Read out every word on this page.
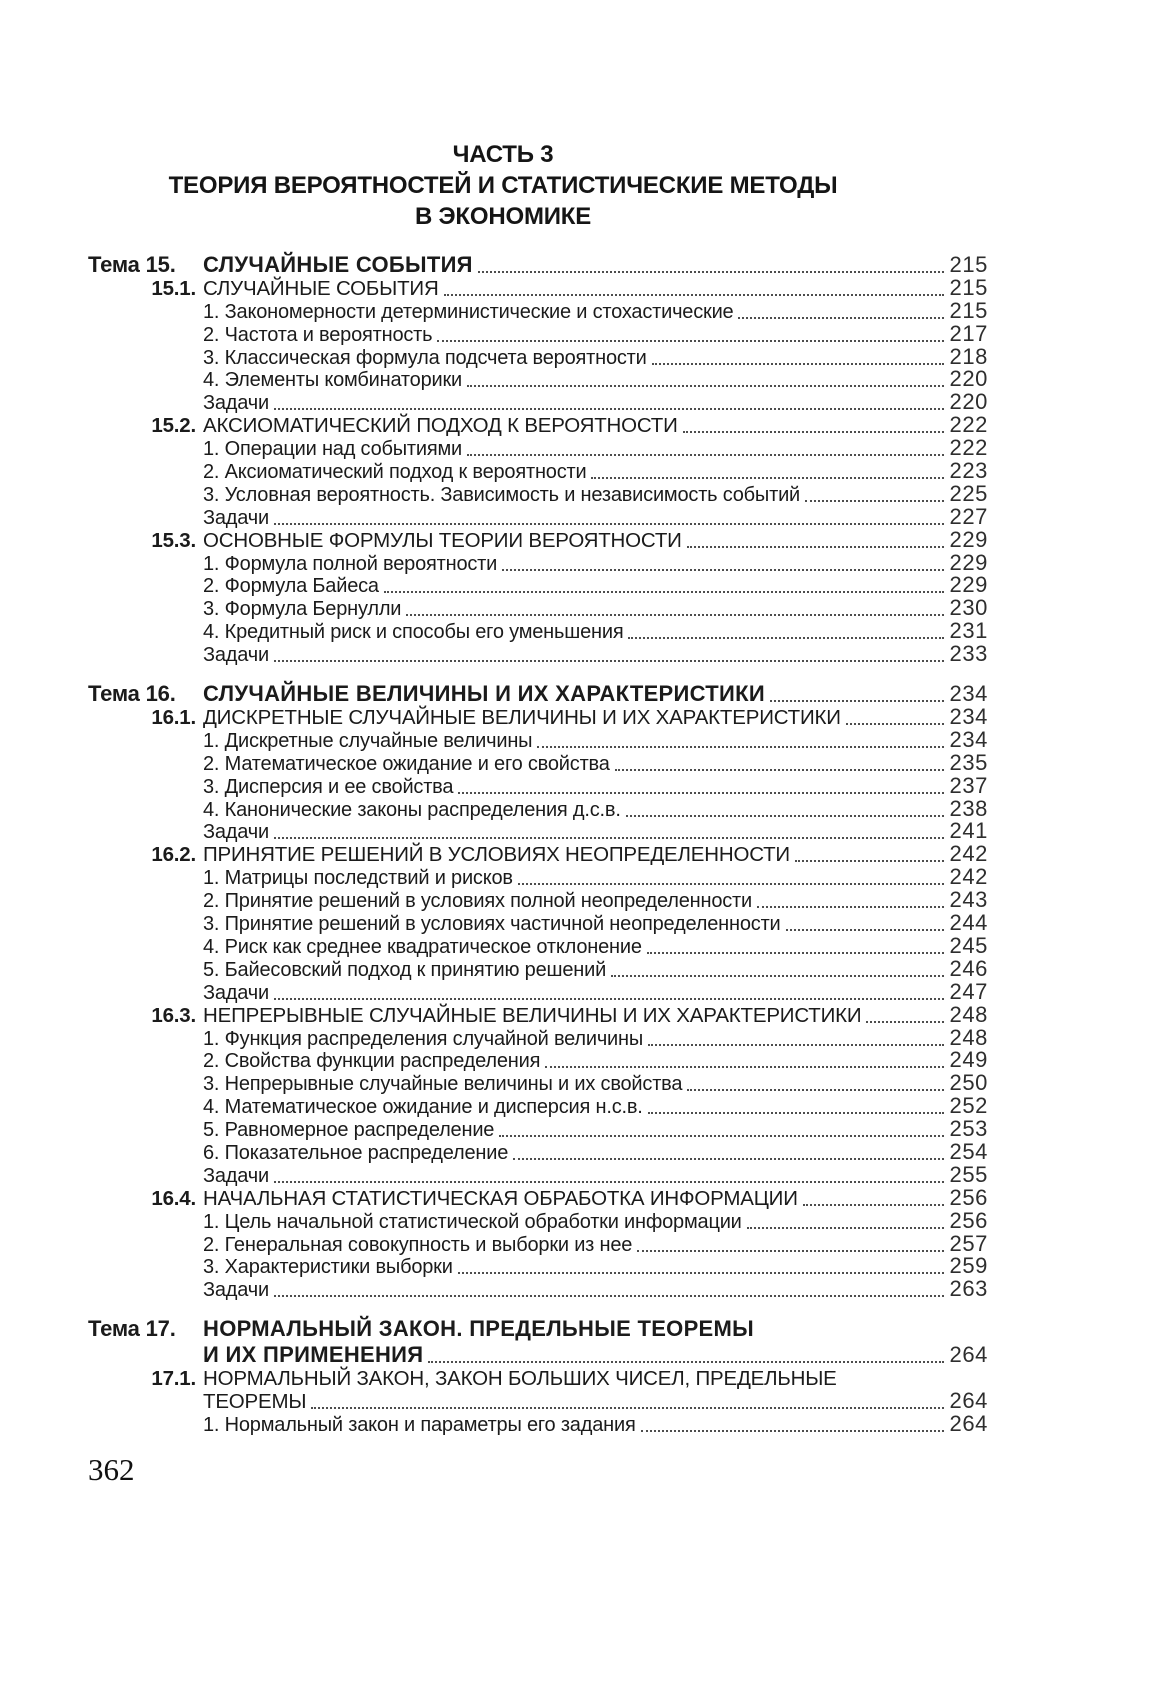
ЧАСТЬ 3
ТЕОРИЯ ВЕРОЯТНОСТЕЙ И СТАТИСТИЧЕСКИЕ МЕТОДЫ
В ЭКОНОМИКЕ
Тема 15.	СЛУЧАЙНЫЕ СОБЫТИЯ	215
15.1. СЛУЧАЙНЫЕ СОБЫТИЯ	215
1. Закономерности детерминистические и стохастические	215
2. Частота и вероятность	217
3. Классическая формула подсчета вероятности	218
4. Элементы комбинаторики	220
Задачи	220
15.2. АКСИОМАТИЧЕСКИЙ ПОДХОД К ВЕРОЯТНОСТИ	222
1. Операции над событиями	222
2. Аксиоматический подход к вероятности	223
3. Условная вероятность. Зависимость и независимость событий	225
Задачи	227
15.3. ОСНОВНЫЕ ФОРМУЛЫ ТЕОРИИ ВЕРОЯТНОСТИ	229
1. Формула полной вероятности	229
2. Формула Байеса	229
3. Формула Бернулли	230
4. Кредитный риск и способы его уменьшения	231
Задачи	233
Тема 16.	СЛУЧАЙНЫЕ ВЕЛИЧИНЫ И ИХ ХАРАКТЕРИСТИКИ	234
16.1. ДИСКРЕТНЫЕ СЛУЧАЙНЫЕ ВЕЛИЧИНЫ И ИХ ХАРАКТЕРИСТИКИ	234
1. Дискретные случайные величины	234
2. Математическое ожидание и его свойства	235
3. Дисперсия и ее свойства	237
4. Канонические законы распределения д.с.в.	238
Задачи	241
16.2. ПРИНЯТИЕ РЕШЕНИЙ В УСЛОВИЯХ НЕОПРЕДЕЛЕННОСТИ	242
1. Матрицы последствий и рисков	242
2. Принятие решений в условиях полной неопределенности	243
3. Принятие решений в условиях частичной неопределенности	244
4. Риск как среднее квадратическое отклонение	245
5. Байесовский подход к принятию решений	246
Задачи	247
16.3. НЕПРЕРЫВНЫЕ СЛУЧАЙНЫЕ ВЕЛИЧИНЫ И ИХ ХАРАКТЕРИСТИКИ	248
1. Функция распределения случайной величины	248
2. Свойства функции распределения	249
3. Непрерывные случайные величины и их свойства	250
4. Математическое ожидание и дисперсия н.с.в.	252
5. Равномерное распределение	253
6. Показательное распределение	254
Задачи	255
16.4. НАЧАЛЬНАЯ СТАТИСТИЧЕСКАЯ ОБРАБОТКА ИНФОРМАЦИИ	256
1. Цель начальной статистической обработки информации	256
2. Генеральная совокупность и выборки из нее	257
3. Характеристики выборки	259
Задачи	263
Тема 17.	НОРМАЛЬНЫЙ ЗАКОН. ПРЕДЕЛЬНЫЕ ТЕОРЕМЫ
И ИХ ПРИМЕНЕНИЯ	264
17.1. НОРМАЛЬНЫЙ ЗАКОН, ЗАКОН БОЛЬШИХ ЧИСЕЛ, ПРЕДЕЛЬНЫЕ
ТЕОРЕМЫ	264
1. Нормальный закон и параметры его задания	264
362
